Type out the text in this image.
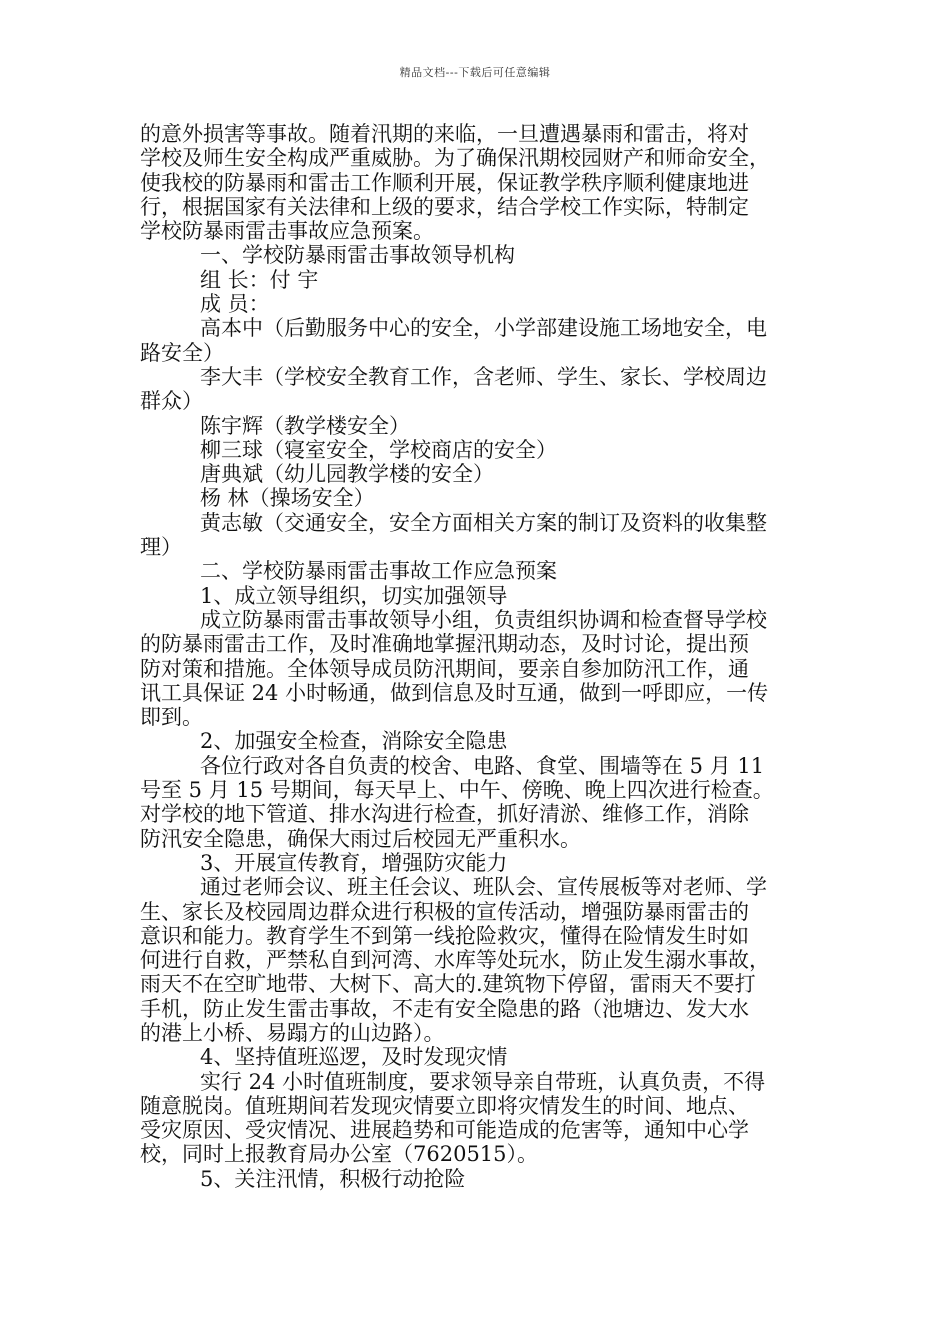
精品文档---下载后可任意编辑
的意外损害等事故。随着汛期的来临，一旦遭遇暴雨和雷击，将对
学校及师生安全构成严重威胁。为了确保汛期校园财产和师命安全，
使我校的防暴雨和雷击工作顺利开展，保证教学秩序顺利健康地进
行，根据国家有关法律和上级的要求，结合学校工作实际，特制定
学校防暴雨雷击事故应急预案。
一、学校防暴雨雷击事故领导机构
组 长：付 宇
成 员：
高本中（后勤服务中心的安全，小学部建设施工场地安全，电
路安全）
李大丰（学校安全教育工作，含老师、学生、家长、学校周边
群众）
陈宇辉（教学楼安全）
柳三球（寝室安全，学校商店的安全）
唐典斌（幼儿园教学楼的安全）
杨 林（操场安全）
黄志敏（交通安全，安全方面相关方案的制订及资料的收集整
理）
二、学校防暴雨雷击事故工作应急预案
1、成立领导组织，切实加强领导
成立防暴雨雷击事故领导小组，负责组织协调和检查督导学校
的防暴雨雷击工作，及时准确地掌握汛期动态，及时讨论，提出预
防对策和措施。全体领导成员防汛期间，要亲自参加防汛工作，通
讯工具保证 24 小时畅通，做到信息及时互通，做到一呼即应，一传
即到。
2、加强安全检查，消除安全隐患
各位行政对各自负责的校舍、电路、食堂、围墙等在 5 月 11
号至 5 月 15 号期间，每天早上、中午、傍晚、晚上四次进行检查。
对学校的地下管道、排水沟进行检查，抓好清淤、维修工作，消除
防汛安全隐患，确保大雨过后校园无严重积水。
3、开展宣传教育，增强防灾能力
通过老师会议、班主任会议、班队会、宣传展板等对老师、学
生、家长及校园周边群众进行积极的宣传活动，增强防暴雨雷击的
意识和能力。教育学生不到第一线抢险救灾，懂得在险情发生时如
何进行自救，严禁私自到河湾、水库等处玩水，防止发生溺水事故，
雨天不在空旷地带、大树下、高大的.建筑物下停留，雷雨天不要打
手机，防止发生雷击事故，不走有安全隐患的路（池塘边、发大水
的港上小桥、易蹋方的山边路）。
4、坚持值班巡逻，及时发现灾情
实行 24 小时值班制度，要求领导亲自带班，认真负责，不得
随意脱岗。值班期间若发现灾情要立即将灾情发生的时间、地点、
受灾原因、受灾情况、进展趋势和可能造成的危害等，通知中心学
校，同时上报教育局办公室（7620515）。
5、关注汛情，积极行动抢险
